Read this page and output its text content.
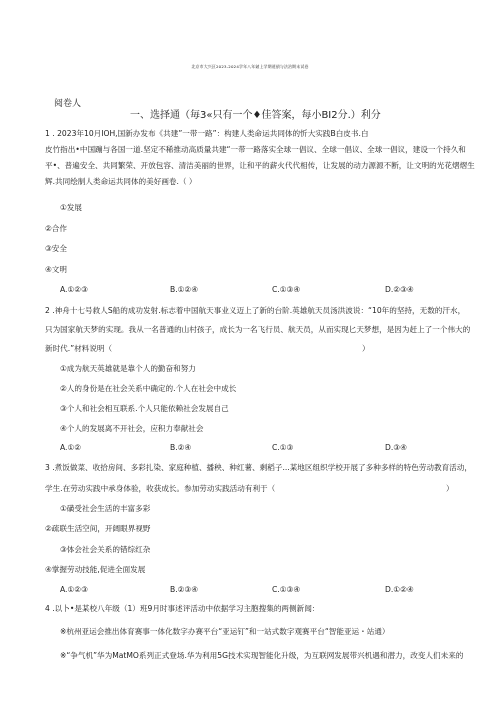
北京市大兴区2023-2024学年八年皴上学期道偵与法治期末试卷
阅卷人
一、选择通（毎3«只有一个♦佳答案，每小BI2分.）利分
1 . 2023年10月IOH,国新办发布《共建”一带一路”：构建人类命运共同体的忻大实践B白皮书.白
皮竹指出•中国蹦与各国一道.坚定不稀推动高质量共建“一带一路落实全球一倡议、全球一倡议、全球一倡议，建设一个持久和
平•、普遍安全、共同繁荣、开放包容、清洁美丽的世界，让和平的薪火代代相传，让发展的动力源源不断，让文明的光花熠熠生
辉.共同绘制人类命运共同体的美好画卷.（ ）
①发展
②合作
③安全
④文明
A.①②③	B.①②④	C.①③④	D.②③④
2 .神舟十七号救人S船的成功发射.标志着中国航天事业义迈上了新的台阶.英雄航天员汤洪波说：“10年的坚持，无数的汗水，
只为国家航天梦的实现。我从一名普通的山村孩子，成长为一名飞行员、航天员，从而实现匕天梦想，是因为赶上了一个伟大的
新时代.”材料说明（	）
①成为航天英雄就是靠个人的勤奋和努力
②人的身份是在社会关系中确定的.个人在社会中成长
③个人和社会相互联系.个人只能依赖社会发展自己
④个人的发展离不开社会，应积力奉献社会
A.①②	B.②④	C.①③	D.③④
3 .煮饭做菜、收拾房间、多彩扎染、家庭种植、播秧、种红薯、剩稻子...某地区组织学校开展了多种多样的特色劳动教育活动，
学生.在劳动实践中承身体验，收获成长。参加劳动实践活动有利于（	）
①磺受社会生活的丰富多彩
②疏联生活空间，开阔眼界视野
③体会社会关系的错综红杂
④掌握劳动技能,促进全面发展
A.①②③	B.②③④	C.①③④	D.①②④
4 .以卜•是某校八年级（1）班9月时事述评活动中依据学习主胞搜集的两侧新闻：
※杭州亚运会推出体育赛事一体化数字办赛平台“亚运钉”和一站式数字观赛平台“智能亚运・站通）
※“争气机”华为MatMO系列正式登场.华为利用5G技术实现智能化升级，为互联网发展带兴机遇和潜力，改变人们未来的
